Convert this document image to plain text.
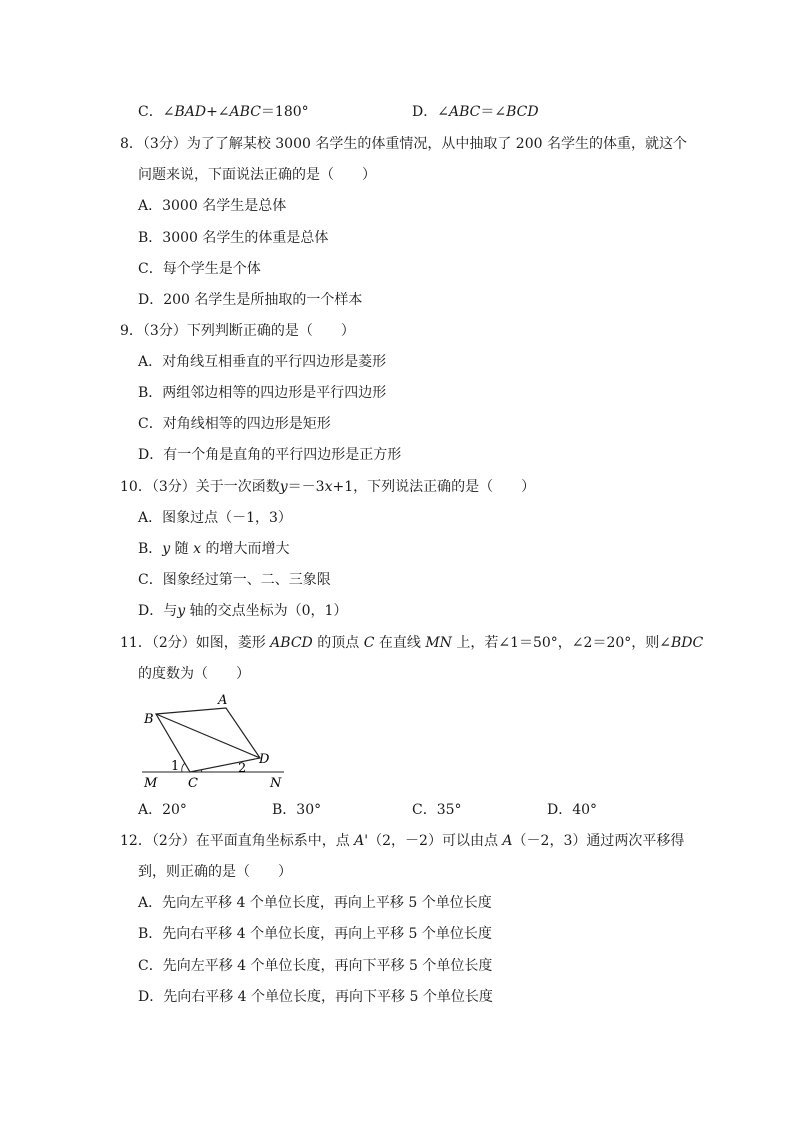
C．∠BAD+∠ABC＝180°	D．∠ABC＝∠BCD
8．（3分）为了了解某校 3000 名学生的体重情况，从中抽取了 200 名学生的体重，就这个
问题来说，下面说法正确的是（　　）
A．3000 名学生是总体
B．3000 名学生的体重是总体
C．每个学生是个体
D．200 名学生是所抽取的一个样本
9．（3分）下列判断正确的是（　　）
A．对角线互相垂直的平行四边形是菱形
B．两组邻边相等的四边形是平行四边形
C．对角线相等的四边形是矩形
D．有一个角是直角的平行四边形是正方形
10．（3分）关于一次函数y＝－3x+1，下列说法正确的是（　　）
A．图象过点（－1，3）
B．y 随 x 的增大而增大
C．图象经过第一、二、三象限
D．与y 轴的交点坐标为（0，1）
11．（2分）如图，菱形 ABCD 的顶点 C 在直线 MN 上，若∠1＝50°，∠2＝20°，则∠BDC
的度数为（　　）
A
B
C
D
M	N
1	2
A．20°	B．30°	C．35°	D．40°
12．（2分）在平面直角坐标系中，点 A'（2，－2）可以由点 A（－2，3）通过两次平移得
到，则正确的是（　　）
A．先向左平移 4 个单位长度，再向上平移 5 个单位长度
B．先向右平移 4 个单位长度，再向上平移 5 个单位长度
C．先向左平移 4 个单位长度，再向下平移 5 个单位长度
D．先向右平移 4 个单位长度，再向下平移 5 个单位长度
